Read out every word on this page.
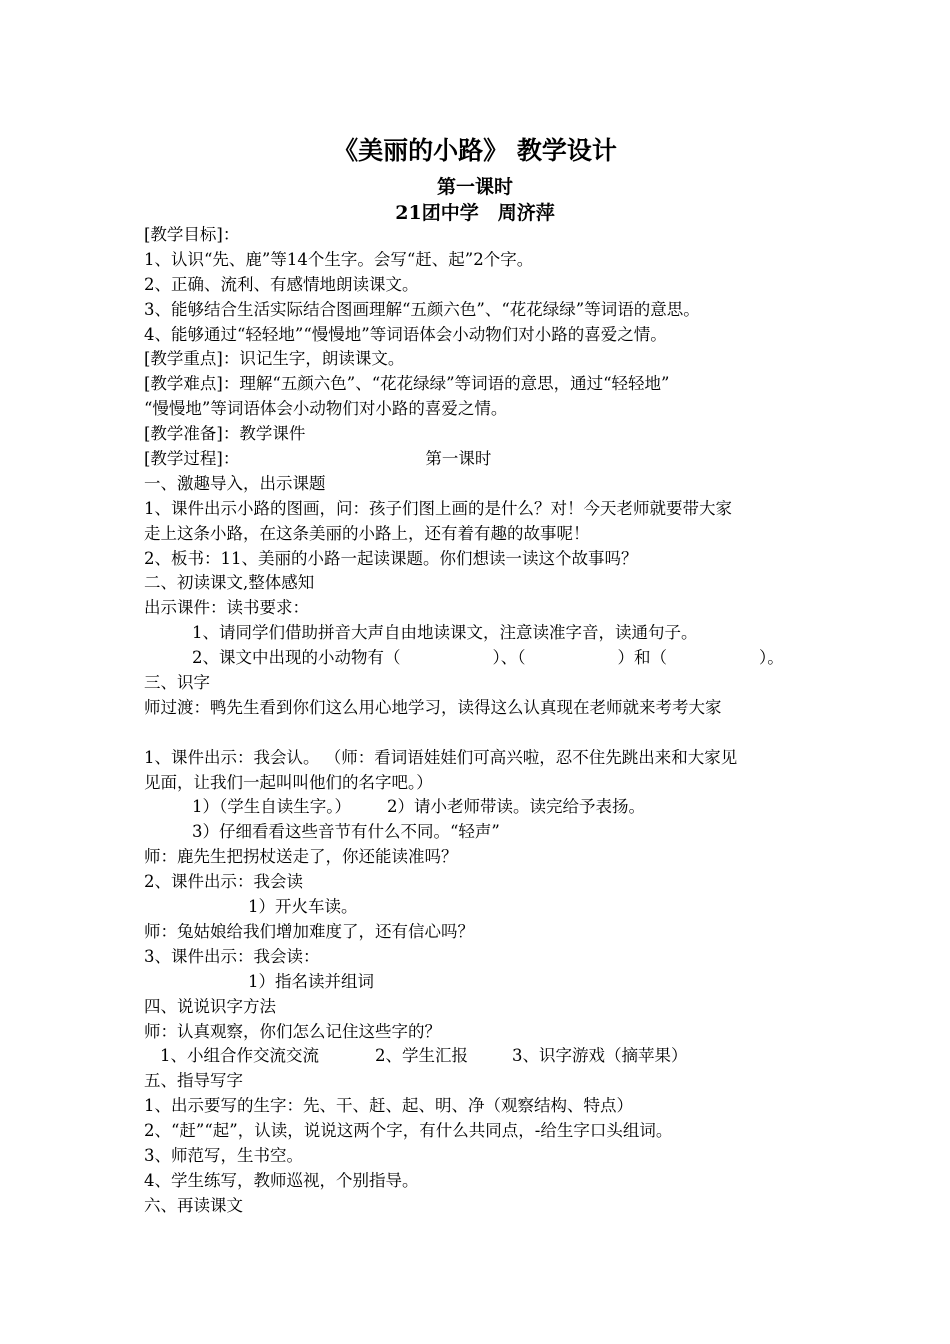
《美丽的小路》 教学设计
第一课时
21团中学　周济萍
[教学目标]：
1、认识“先、鹿”等14个生字。会写“赶、起”2个字。
2、正确、流利、有感情地朗读课文。
3、能够结合生活实际结合图画理解“五颜六色”、“花花绿绿”等词语的意思。
4、能够通过“轻轻地”“慢慢地”等词语体会小动物们对小路的喜爱之情。
[教学重点]：识记生字，朗读课文。
[教学难点]：理解“五颜六色”、“花花绿绿”等词语的意思，通过“轻轻地”
“慢慢地”等词语体会小动物们对小路的喜爱之情。
[教学准备]：教学课件
[教学过程]：	第一课时
一、激趣导入，出示课题
1、课件出示小路的图画，问：孩子们图上画的是什么？对！今天老师就要带大家
走上这条小路，在这条美丽的小路上，还有着有趣的故事呢！
2、板书：11、美丽的小路一起读课题。你们想读一读这个故事吗？
二、初读课文,整体感知
出示课件：读书要求：
1、请同学们借助拼音大声自由地读课文，注意读准字音，读通句子。
2、课文中出现的小动物有（	）、（	）和（	）。
三、识字
师过渡：鸭先生看到你们这么用心地学习，读得这么认真现在老师就来考考大家
1、课件出示：我会认。 （师：看词语娃娃们可高兴啦，忍不住先跳出来和大家见
见面，让我们一起叫叫他们的名字吧。）
1）（学生自读生字。） 2）请小老师带读。读完给予表扬。
3）仔细看看这些音节有什么不同。“轻声”
师：鹿先生把拐杖送走了，你还能读准吗？
2、课件出示：我会读
1）开火车读。
师：兔姑娘给我们增加难度了，还有信心吗？
3、课件出示：我会读：
1）指名读并组词
四、说说识字方法
师：认真观察，你们怎么记住这些字的？
1、小组合作交流交流	2、学生汇报	3、识字游戏（摘苹果）
五、指导写字
1、出示要写的生字：先、干、赶、起、明、净（观察结构、特点）
2、“赶”“起”，认读，说说这两个字，有什么共同点，-给生字口头组词。
3、师范写，生书空。
4、学生练写，教师巡视，个别指导。
六、再读课文
